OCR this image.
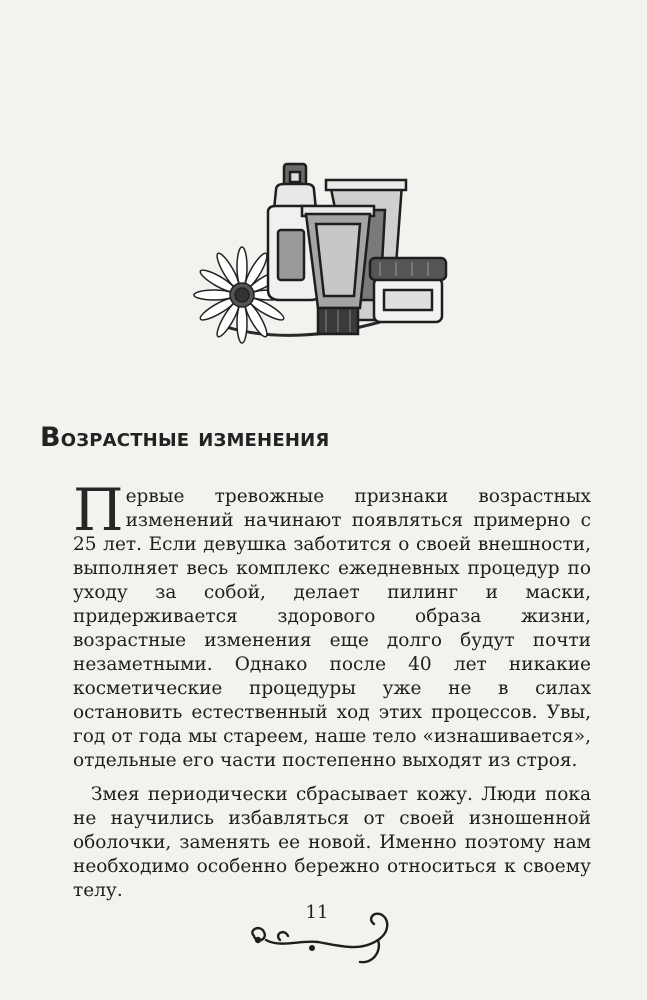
Возрастные изменения

Первые тревожные признаки возрастных изменений начинают появляться примерно с 25 лет. Если девушка заботится о своей внешности, выполняет весь комплекс ежедневных процедур по уходу за собой, делает пилинг и маски, придерживается здорового образа жизни, возрастные изменения еще долго будут почти незаметными. Однако после 40 лет никакие косметические процедуры уже не в силах остановить естественный ход этих процессов. Увы, год от года мы стареем, наше тело «изнашивается», отдельные его части постепенно выходят из строя.

Змея периодически сбрасывает кожу. Люди пока не научились избавляться от своей изношенной оболочки, заменять ее новой. Именно поэтому нам необходимо особенно бережно относиться к своему телу.

11
